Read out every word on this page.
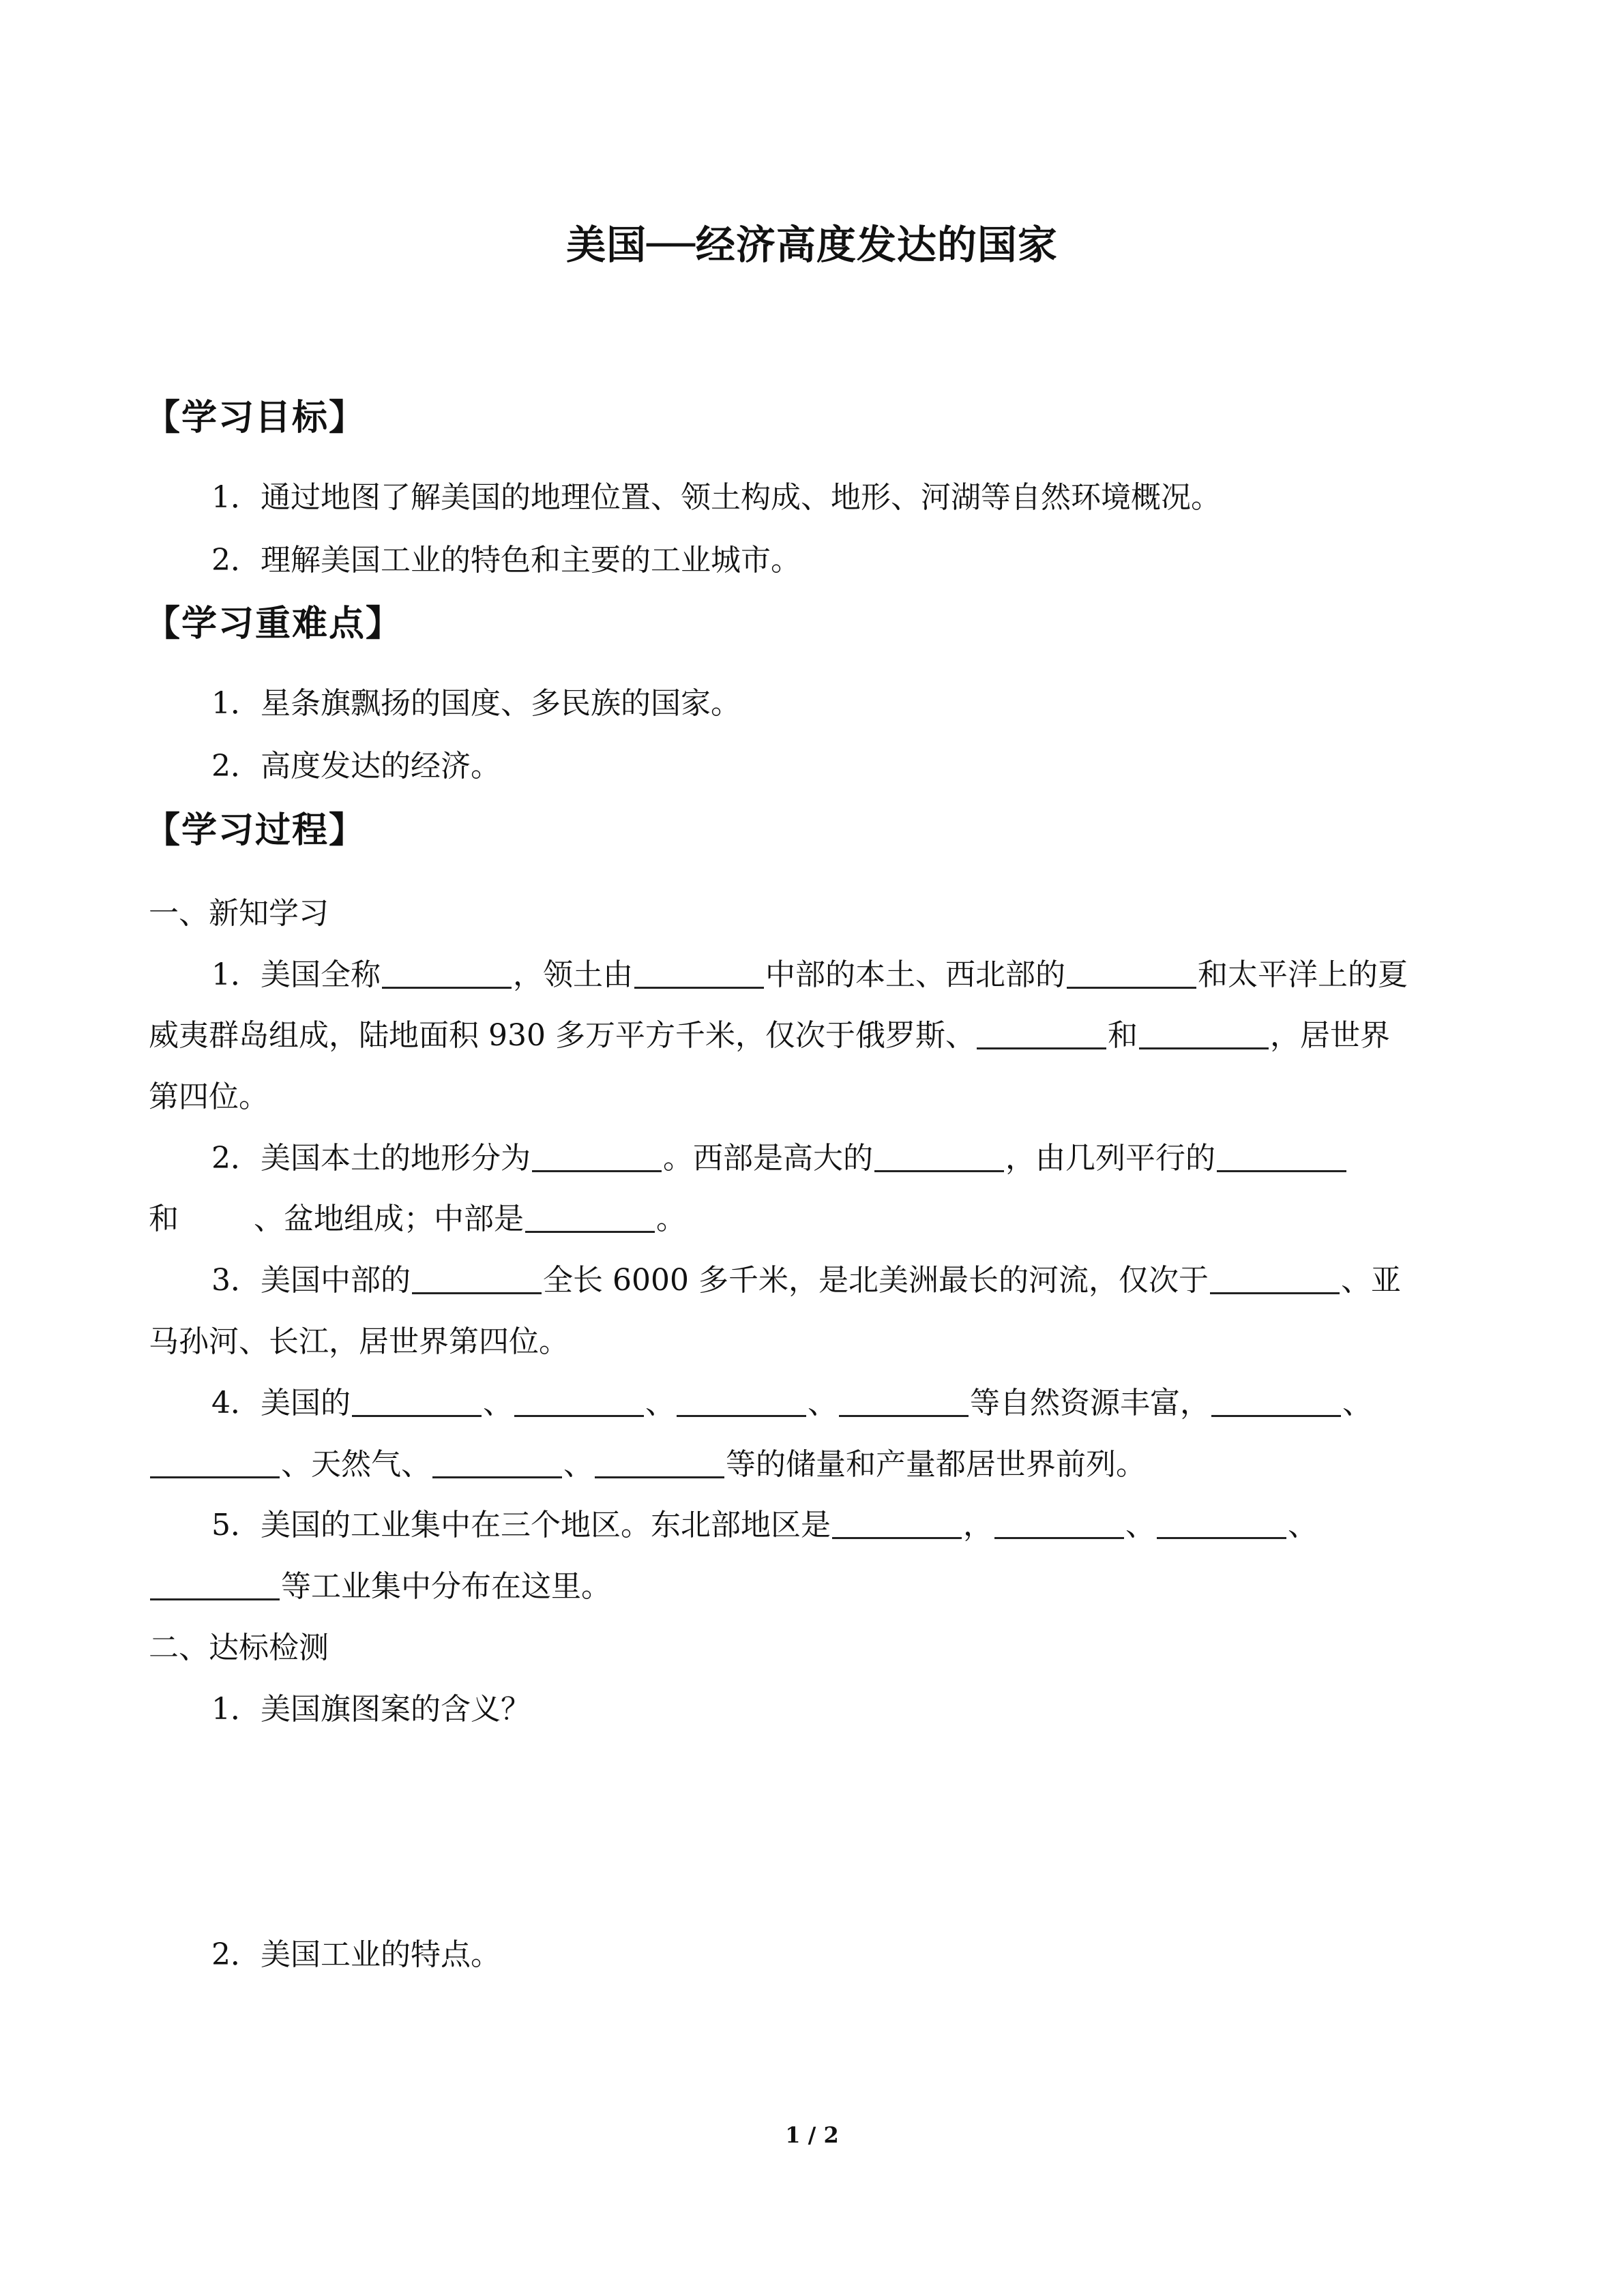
美国──经济高度发达的国家
【学习目标】
1．通过地图了解美国的地理位置、领土构成、地形、河湖等自然环境概况。
2．理解美国工业的特色和主要的工业城市。
【学习重难点】
1．星条旗飘扬的国度、多民族的国家。
2．高度发达的经济。
【学习过程】
一、新知学习
1．美国全称	，领土由	中部的本土、西北部的	和太平洋上的夏
威夷群岛组成，陆地面积 930 多万平方千米，仅次于俄罗斯、	和	，居世界
第四位。
2．美国本土的地形分为	。西部是高大的	，由几列平行的
和	、盆地组成；中部是	。
3．美国中部的	全长 6000 多千米，是北美洲最长的河流，仅次于	、亚
马孙河、长江，居世界第四位。
4．美国的	、	、	、	等自然资源丰富，	、
、天然气、	、	等的储量和产量都居世界前列。
5．美国的工业集中在三个地区。东北部地区是	，	、	、
等工业集中分布在这里。
二、达标检测
1．美国旗图案的含义？
2．美国工业的特点。
1 / 2
